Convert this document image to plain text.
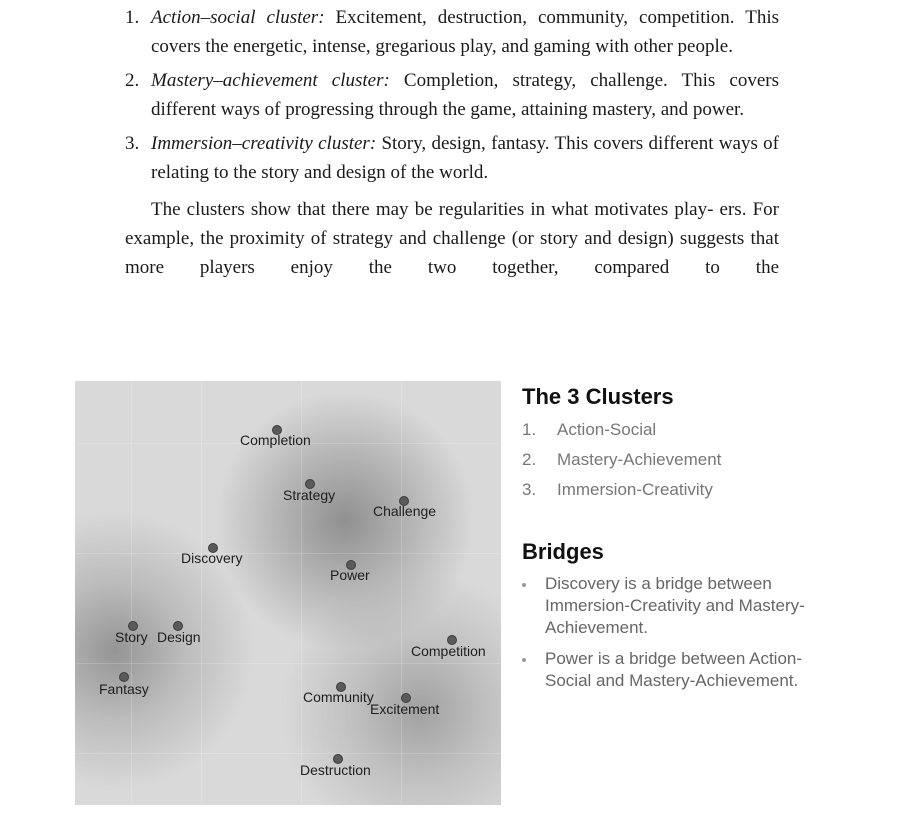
1. Action–social cluster: Excitement, destruction, community, competition. This covers the energetic, intense, gregarious play, and gaming with other people.
2. Mastery–achievement cluster: Completion, strategy, challenge. This covers different ways of progressing through the game, attaining mastery, and power.
3. Immersion–creativity cluster: Story, design, fantasy. This covers different ways of relating to the story and design of the world.
The clusters show that there may be regularities in what motivates play- ers. For example, the proximity of strategy and challenge (or story and design) suggests that more players enjoy the two together, compared to the
Completion
Strategy
Challenge
Discovery
Power
Story Design
Competition
Fantasy	Community
Excitement
Destruction
The 3 Clusters
1. Action-Social
2. Mastery-Achievement
3. Immersion-Creativity
Bridges
Discovery is a bridge between
Immersion-Creativity and Mastery-
Achievement.
Power is a bridge between Action-
Social and Mastery-Achievement.
